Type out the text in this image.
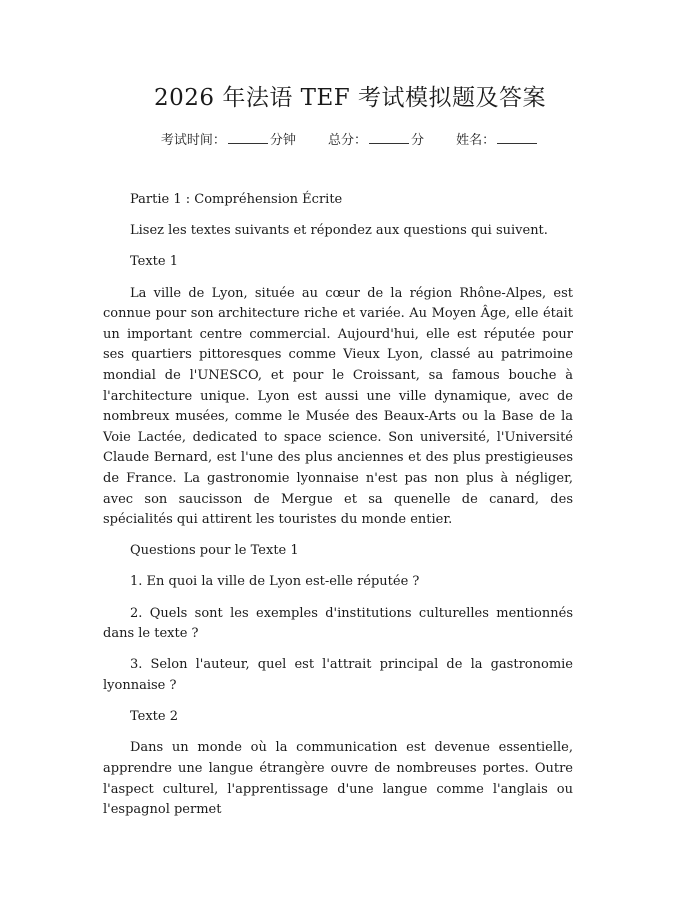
2026 年法语 TEF 考试模拟题及答案
考试时间：	分钟 总分：	分 姓名：

Partie 1 : Compréhension Écrite

Lisez les textes suivants et répondez aux questions qui suivent.

Texte 1

La ville de Lyon, située au cœur de la région Rhône-Alpes, est connue pour son architecture riche et variée. Au Moyen Âge, elle était un important centre commercial. Aujourd'hui, elle est réputée pour ses quartiers pittoresques comme Vieux Lyon, classé au patrimoine mondial de l'UNESCO, et pour le Croissant, sa famous bouche à l'architecture unique. Lyon est aussi une ville dynamique, avec de nombreux musées, comme le Musée des Beaux-Arts ou la Base de la Voie Lactée, dedicated to space science. Son université, l'Université Claude Bernard, est l'une des plus anciennes et des plus prestigieuses de France. La gastronomie lyonnaise n'est pas non plus à négliger, avec son saucisson de Mergue et sa quenelle de canard, des spécialités qui attirent les touristes du monde entier.

Questions pour le Texte 1

1. En quoi la ville de Lyon est-elle réputée ?

2. Quels sont les exemples d'institutions culturelles mentionnés dans le texte ?

3. Selon l'auteur, quel est l'attrait principal de la gastronomie lyonnaise ?

Texte 2

Dans un monde où la communication est devenue essentielle, apprendre une langue étrangère ouvre de nombreuses portes. Outre l'aspect culturel, l'apprentissage d'une langue comme l'anglais ou l'espagnol permet
